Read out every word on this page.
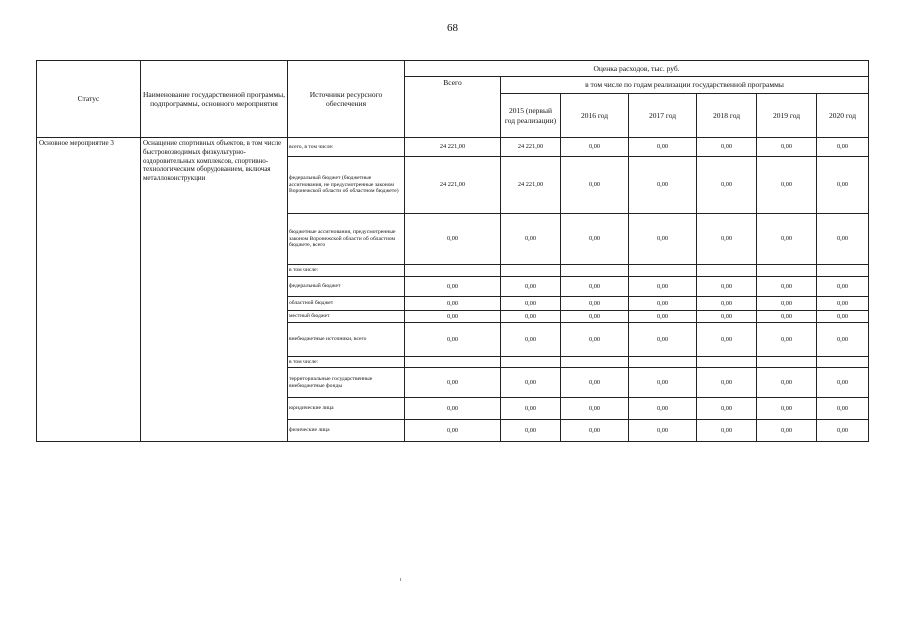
68
Статус	Наименование государственной программы, подпрограммы, основного мероприятия	Источники ресурсного обеспечения	Оценка расходов, тыс. руб.						
			Всего	в том числе по годам реализации государственной программы					
				2015 (первый год реализации)	2016 год	2017 год	2018 год	2019 год	2020 год
Основное мероприятие 3	Оснащение спортивных объектов, в том числе быстровозводимых физкультурно-оздоровительных комплексов, спортивно-технологическим оборудованием, включая металлоконструкции	всего, в том числе:	24 221,00	24 221,00	0,00	0,00	0,00	0,00	0,00
		федеральный бюджет (бюджетные ассигнования, не предусмотренные законом Воронежской области об областном бюджете)	24 221,00	24 221,00	0,00	0,00	0,00	0,00	0,00
		бюджетные ассигнования, предусмотренные законом Воронежской области об областном бюджете, всего	0,00	0,00	0,00	0,00	0,00	0,00	0,00
		в том числе:							
		федеральный бюджет	0,00	0,00	0,00	0,00	0,00	0,00	0,00
		областной бюджет	0,00	0,00	0,00	0,00	0,00	0,00	0,00
		местный бюджет	0,00	0,00	0,00	0,00	0,00	0,00	0,00
		внебюджетные источники, всего	0,00	0,00	0,00	0,00	0,00	0,00	0,00
		в том числе:							
		территориальные государственные внебюджетные фонды	0,00	0,00	0,00	0,00	0,00	0,00	0,00
		юридические лица	0,00	0,00	0,00	0,00	0,00	0,00	0,00
		физические лица	0,00	0,00	0,00	0,00	0,00	0,00	0,00
